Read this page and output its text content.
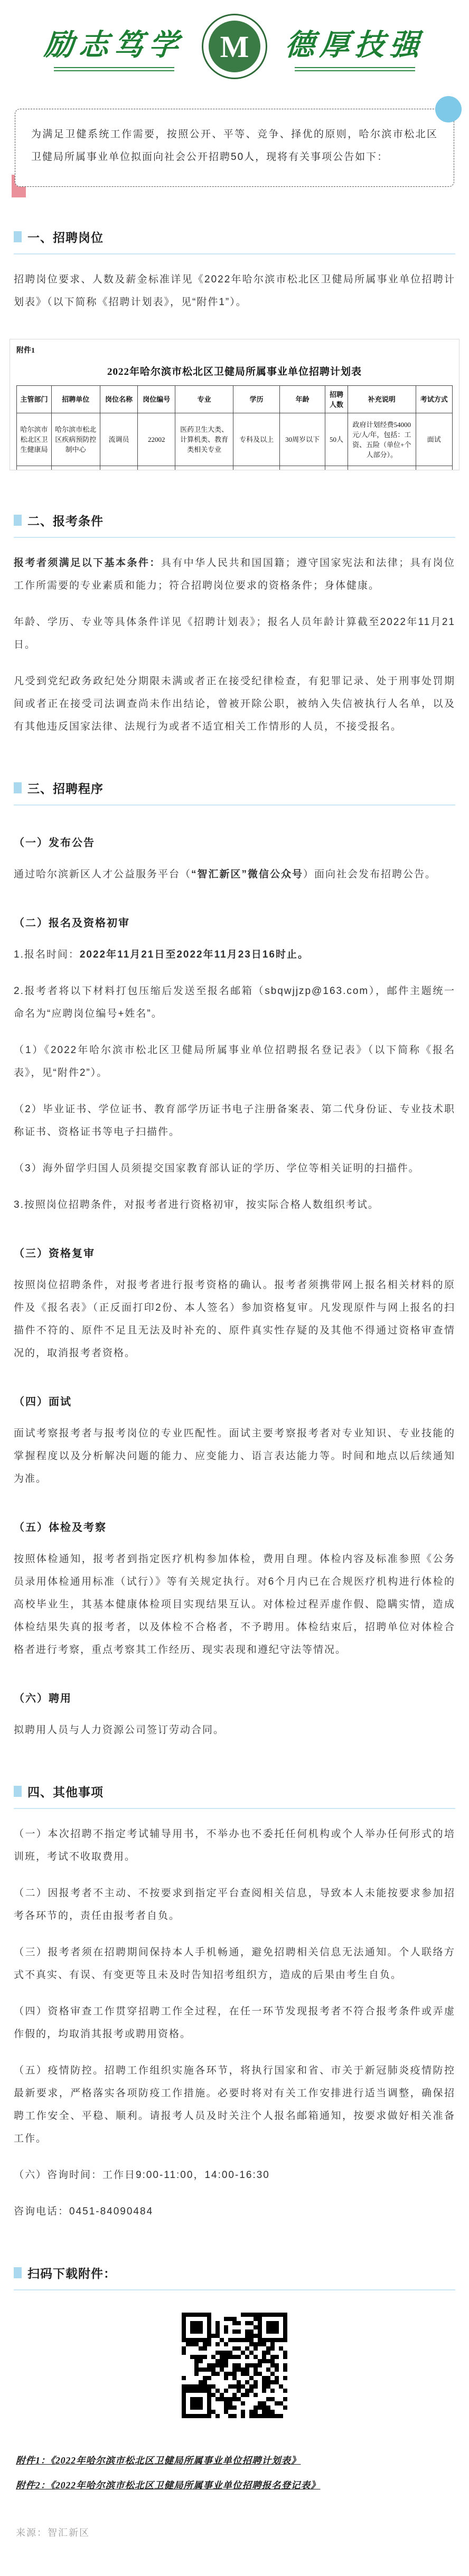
励志笃学	M	德厚技强

为满足卫健系统工作需要，按照公开、平等、竞争、择优的原则，哈尔滨市松北区卫健局所属事业单位拟面向社会公开招聘50人，现将有关事项公告如下：

一、招聘岗位

招聘岗位要求、人数及薪金标准详见《2022年哈尔滨市松北区卫健局所属事业单位招聘计划表》（以下简称《招聘计划表》，见“附件1”）。

附件1
2022年哈尔滨市松北区卫健局所属事业单位招聘计划表
主管部门	招聘单位	岗位名称	岗位编号	专业	学历	年龄	招聘人数	补充说明	考试方式
哈尔滨市松北区卫生健康局	哈尔滨市松北区疾病预防控制中心	流调员	22002	医药卫生大类、计算机类、教育类相关专业	专科及以上	30周岁以下	50人	政府计划经费54000元/人/年，包括：工资、五险（单位+个人部分）。	面试

二、报考条件

报考者须满足以下基本条件：具有中华人民共和国国籍；遵守国家宪法和法律；具有岗位工作所需要的专业素质和能力；符合招聘岗位要求的资格条件；身体健康。

年龄、学历、专业等具体条件详见《招聘计划表》；报名人员年龄计算截至2022年11月21日。

凡受到党纪政务政纪处分期限未满或者正在接受纪律检查，有犯罪记录、处于刑事处罚期间或者正在接受司法调查尚未作出结论，曾被开除公职，被纳入失信被执行人名单，以及有其他违反国家法律、法规行为或者不适宜相关工作情形的人员，不接受报名。

三、招聘程序
（一）发布公告

通过哈尔滨新区人才公益服务平台（“智汇新区”微信公众号）面向社会发布招聘公告。

（二）报名及资格初审

1.报名时间：2022年11月21日至2022年11月23日16时止。

2.报考者将以下材料打包压缩后发送至报名邮箱（sbqwjjzp@163.com），邮件主题统一命名为“应聘岗位编号+姓名”。

（1）《2022年哈尔滨市松北区卫健局所属事业单位招聘报名登记表》（以下简称《报名表》，见“附件2”）。

（2）毕业证书、学位证书、教育部学历证书电子注册备案表、第二代身份证、专业技术职称证书、资格证书等电子扫描件。

（3）海外留学归国人员须提交国家教育部认证的学历、学位等相关证明的扫描件。

3.按照岗位招聘条件，对报考者进行资格初审，按实际合格人数组织考试。

（三）资格复审

按照岗位招聘条件，对报考者进行报考资格的确认。报考者须携带网上报名相关材料的原件及《报名表》（正反面打印2份、本人签名）参加资格复审。凡发现原件与网上报名的扫描件不符的、原件不足且无法及时补充的、原件真实性存疑的及其他不得通过资格审查情况的，取消报考者资格。

（四）面试

面试考察报考者与报考岗位的专业匹配性。面试主要考察报考者对专业知识、专业技能的掌握程度以及分析解决问题的能力、应变能力、语言表达能力等。时间和地点以后续通知为准。

（五）体检及考察

按照体检通知，报考者到指定医疗机构参加体检，费用自理。体检内容及标准参照《公务员录用体检通用标准（试行）》等有关规定执行。对6个月内已在合规医疗机构进行体检的高校毕业生，其基本健康体检项目实现结果互认。对体检过程弄虚作假、隐瞒实情，造成体检结果失真的报考者，以及体检不合格者，不予聘用。体检结束后，招聘单位对体检合格者进行考察，重点考察其工作经历、现实表现和遵纪守法等情况。

（六）聘用

拟聘用人员与人力资源公司签订劳动合同。

四、其他事项

（一）本次招聘不指定考试辅导用书，不举办也不委托任何机构或个人举办任何形式的培训班，考试不收取费用。

（二）因报考者不主动、不按要求到指定平台查阅相关信息，导致本人未能按要求参加招考各环节的，责任由报考者自负。

（三）报考者须在招聘期间保持本人手机畅通，避免招聘相关信息无法通知。个人联络方式不真实、有误、有变更等且未及时告知招考组织方，造成的后果由考生自负。

（四）资格审查工作贯穿招聘工作全过程，在任一环节发现报考者不符合报考条件或弄虚作假的，均取消其报考或聘用资格。

（五）疫情防控。招聘工作组织实施各环节，将执行国家和省、市关于新冠肺炎疫情防控最新要求，严格落实各项防疫工作措施。必要时将对有关工作安排进行适当调整，确保招聘工作安全、平稳、顺利。请报考人员及时关注个人报名邮箱通知，按要求做好相关准备工作。

（六）咨询时间：工作日9:00-11:00，14:00-16:30

咨询电话：0451-84090484

扫码下载附件：
附件1：《2022年哈尔滨市松北区卫健局所属事业单位招聘计划表》
附件2：《2022年哈尔滨市松北区卫健局所属事业单位招聘报名登记表》
来源：智汇新区
